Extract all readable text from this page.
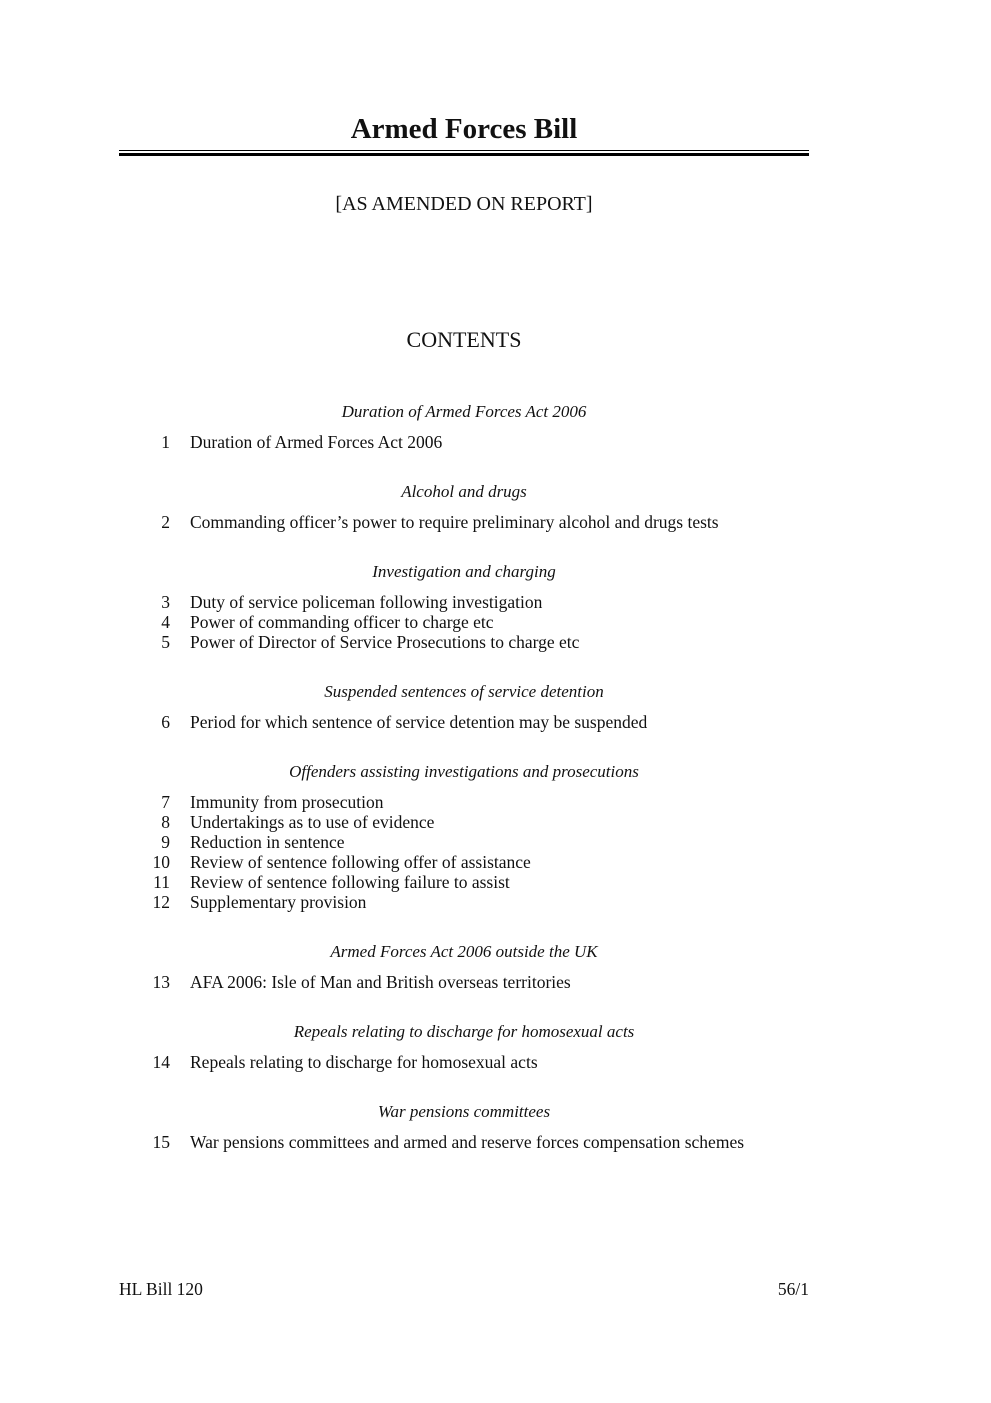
Armed Forces Bill
[AS AMENDED ON REPORT]
CONTENTS
Duration of Armed Forces Act 2006
1 Duration of Armed Forces Act 2006
Alcohol and drugs
2 Commanding officer’s power to require preliminary alcohol and drugs tests
Investigation and charging
3 Duty of service policeman following investigation
4 Power of commanding officer to charge etc
5 Power of Director of Service Prosecutions to charge etc
Suspended sentences of service detention
6 Period for which sentence of service detention may be suspended
Offenders assisting investigations and prosecutions
7 Immunity from prosecution
8 Undertakings as to use of evidence
9 Reduction in sentence
10 Review of sentence following offer of assistance
11 Review of sentence following failure to assist
12 Supplementary provision
Armed Forces Act 2006 outside the UK
13 AFA 2006: Isle of Man and British overseas territories
Repeals relating to discharge for homosexual acts
14 Repeals relating to discharge for homosexual acts
War pensions committees
15 War pensions committees and armed and reserve forces compensation schemes
HL Bill 120	56/1
